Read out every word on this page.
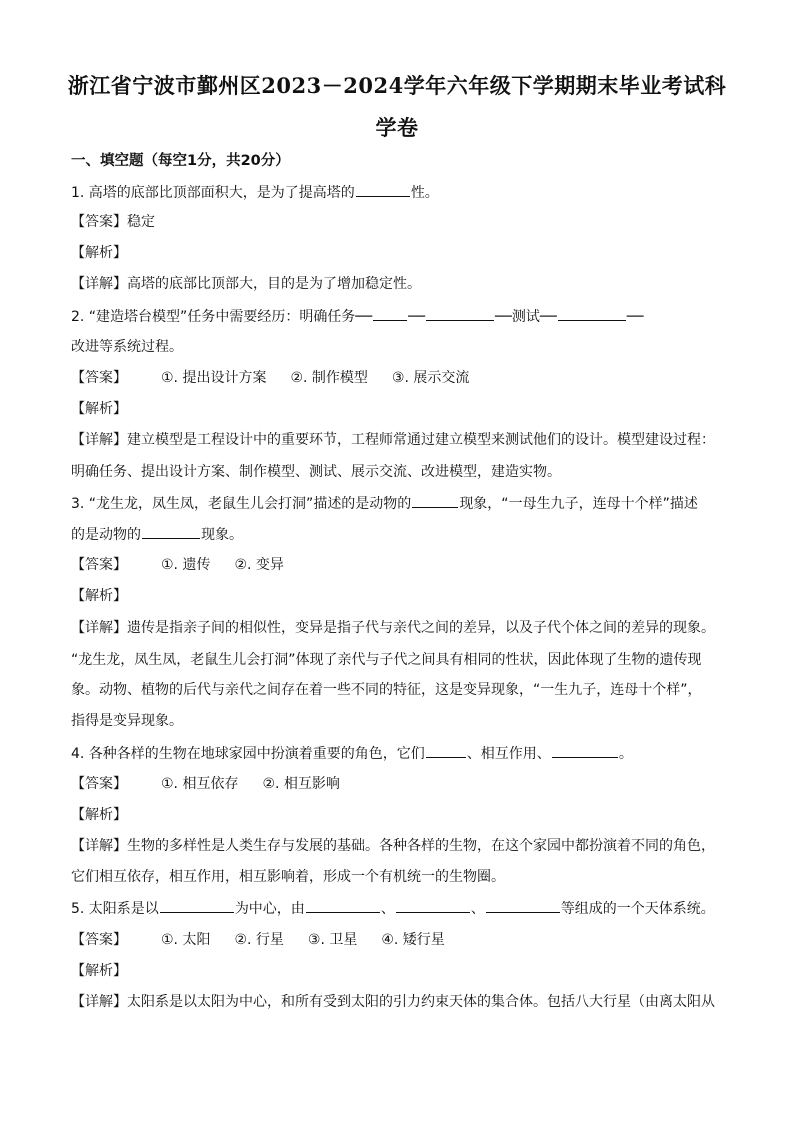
浙江省宁波市鄞州区2023－2024学年六年级下学期期末毕业考试科
学卷
一、填空题（每空1分，共20分）
1. 高塔的底部比顶部面积大，是为了提高塔的	性。
【答案】稳定
【解析】
【详解】高塔的底部比顶部大，目的是为了增加稳定性。
2. “建造塔台模型”任务中需要经历：明确任务──	──	──测试──	──
改进等系统过程。
【答案】 ①. 提出设计方案 ②. 制作模型 ③. 展示交流
【解析】
【详解】建立模型是工程设计中的重要环节，工程师常通过建立模型来测试他们的设计。模型建设过程：
明确任务、提出设计方案、制作模型、测试、展示交流、改进模型，建造实物。
3. “龙生龙，凤生凤，老鼠生儿会打洞”描述的是动物的	现象，“一母生九子，连母十个样”描述
的是动物的	现象。
【答案】 ①. 遗传 ②. 变异
【解析】
【详解】遗传是指亲子间的相似性，变异是指子代与亲代之间的差异，以及子代个体之间的差异的现象。
“龙生龙，凤生凤，老鼠生儿会打洞”体现了亲代与子代之间具有相同的性状，因此体现了生物的遗传现
象。动物、植物的后代与亲代之间存在着一些不同的特征，这是变异现象，“一生九子，连母十个样”，
指得是变异现象。
4. 各种各样的生物在地球家园中扮演着重要的角色，它们	、相互作用、	。
【答案】 ①. 相互依存 ②. 相互影响
【解析】
【详解】生物的多样性是人类生存与发展的基础。各种各样的生物，在这个家园中都扮演着不同的角色，
它们相互依存，相互作用，相互影响着，形成一个有机统一的生物圈。
5. 太阳系是以	为中心，由	、	、	等组成的一个天体系统。
【答案】 ①. 太阳 ②. 行星 ③. 卫星 ④. 矮行星
【解析】
【详解】太阳系是以太阳为中心，和所有受到太阳的引力约束天体的集合体。包括八大行星（由离太阳从
